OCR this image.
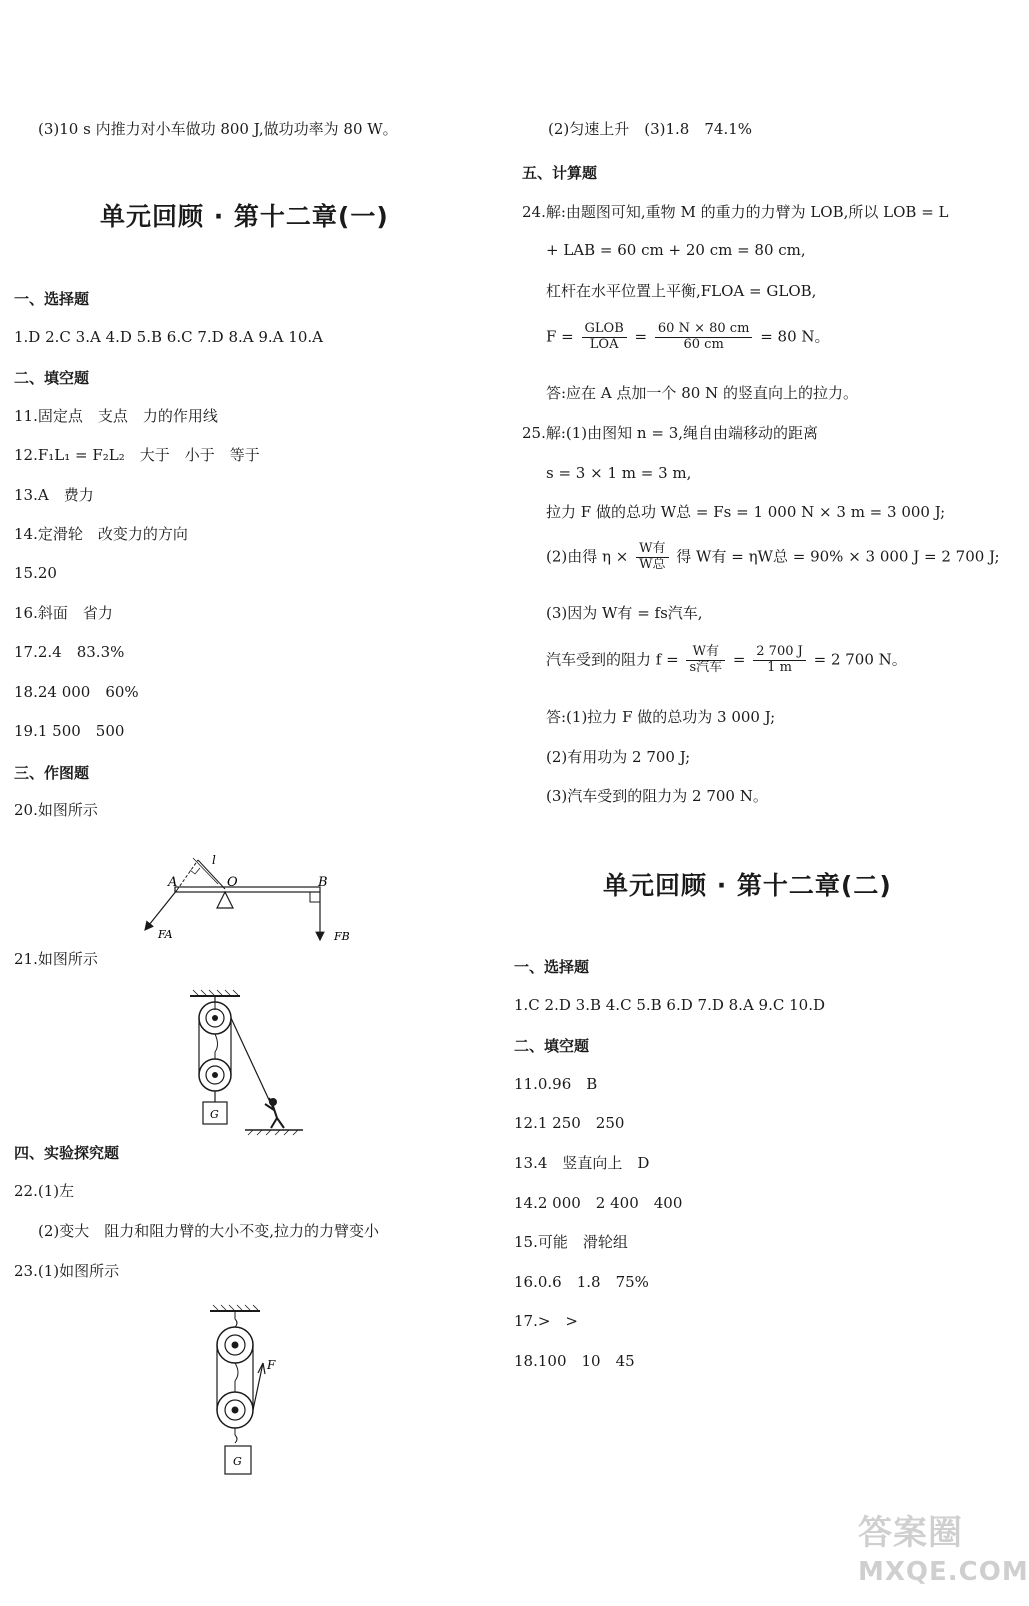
(3)10 s 内推力对小车做功 800 J,做功功率为 80 W。
单元回顾 · 第十二章(一)
一、选择题
1.D 2.C 3.A 4.D 5.B 6.C 7.D 8.A 9.A 10.A
二、填空题
11.固定点　支点　力的作用线
12.F₁L₁ = F₂L₂　大于　小于　等于
13.A　费力
14.定滑轮　改变力的方向
15.20
16.斜面　省力
17.2.4　83.3%
18.24 000　60%
19.1 500　500
三、作图题
20.如图所示
A	O	B
l
FA	FB
21.如图所示
G
四、实验探究题
22.(1)左
(2)变大　阻力和阻力臂的大小不变,拉力的力臂变小
23.(1)如图所示
F
G
(2)匀速上升　(3)1.8　74.1%
五、计算题
24.解:由题图可知,重物 M 的重力的力臂为 LOB,所以 LOB = L
+ LAB = 60 cm + 20 cm = 80 cm,
杠杆在水平位置上平衡,FLOA = GLOB,
$F = \frac{\text{GLOB}}{\text{LOA}} = \frac{60 N \times 80 cm}{60 cm} = 80$ N。
答:应在 A 点加一个 80 N 的竖直向上的拉力。
25.解:(1)由图知 n = 3,绳自由端移动的距离
s = 3 × 1 m = 3 m,
拉力 F 做的总功 W总 = Fs = 1 000 N × 3 m = 3 000 J;
(2)由得 $\eta \times \frac{\text{W有}}{\text{W总}}$ 得 W有 = ηW总 = 90% × 3 000 J = 2 700 J;
(3)因为 W有 = fs汽车,
汽车受到的阻力 $f = \frac{\text{W有}}{\text{s汽车}} = \frac{2 700 J}{1 m} = 2$ 700 N。
答:(1)拉力 F 做的总功为 3 000 J;
(2)有用功为 2 700 J;
(3)汽车受到的阻力为 2 700 N。
单元回顾 · 第十二章(二)
一、选择题
1.C 2.D 3.B 4.C 5.B 6.D 7.D 8.A 9.C 10.D
二、填空题
11.0.96　B
12.1 250　250
13.4　竖直向上　D
14.2 000　2 400　400
15.可能　滑轮组
16.0.6　1.8　75%
17.>　>
18.100　10　45
答案圈
MXQE.COM
